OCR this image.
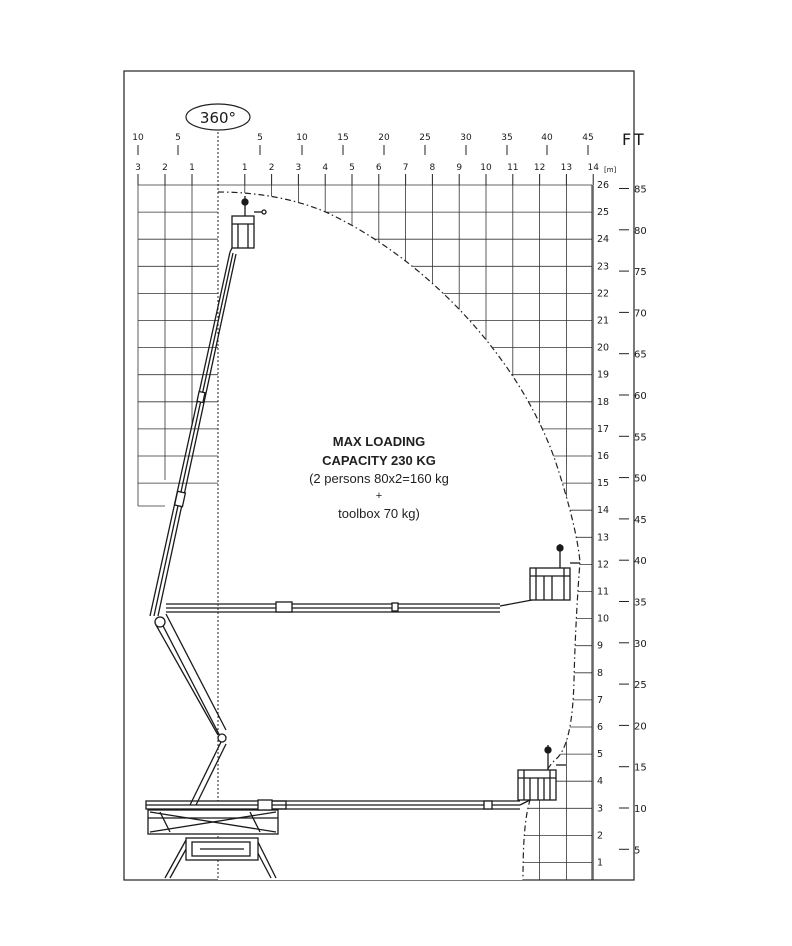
10	5	5	10	15	20	25	30	35	40	45
3 2 1	1 2 3 4 5 6 7 8 9 10 11 12 13 14
26
25
24
23
22
21
20
19
18
17
16
15
14
13
12
11
10
9
8
7
6
5
4
3
2
1
85
80
75
70
65
60
55
50
45
40
35
30
25
20
15
10
5
360°
FT
[m]
MAX LOADING
CAPACITY 230 KG
(2 persons 80x2=160 kg
+
toolbox 70 kg)
